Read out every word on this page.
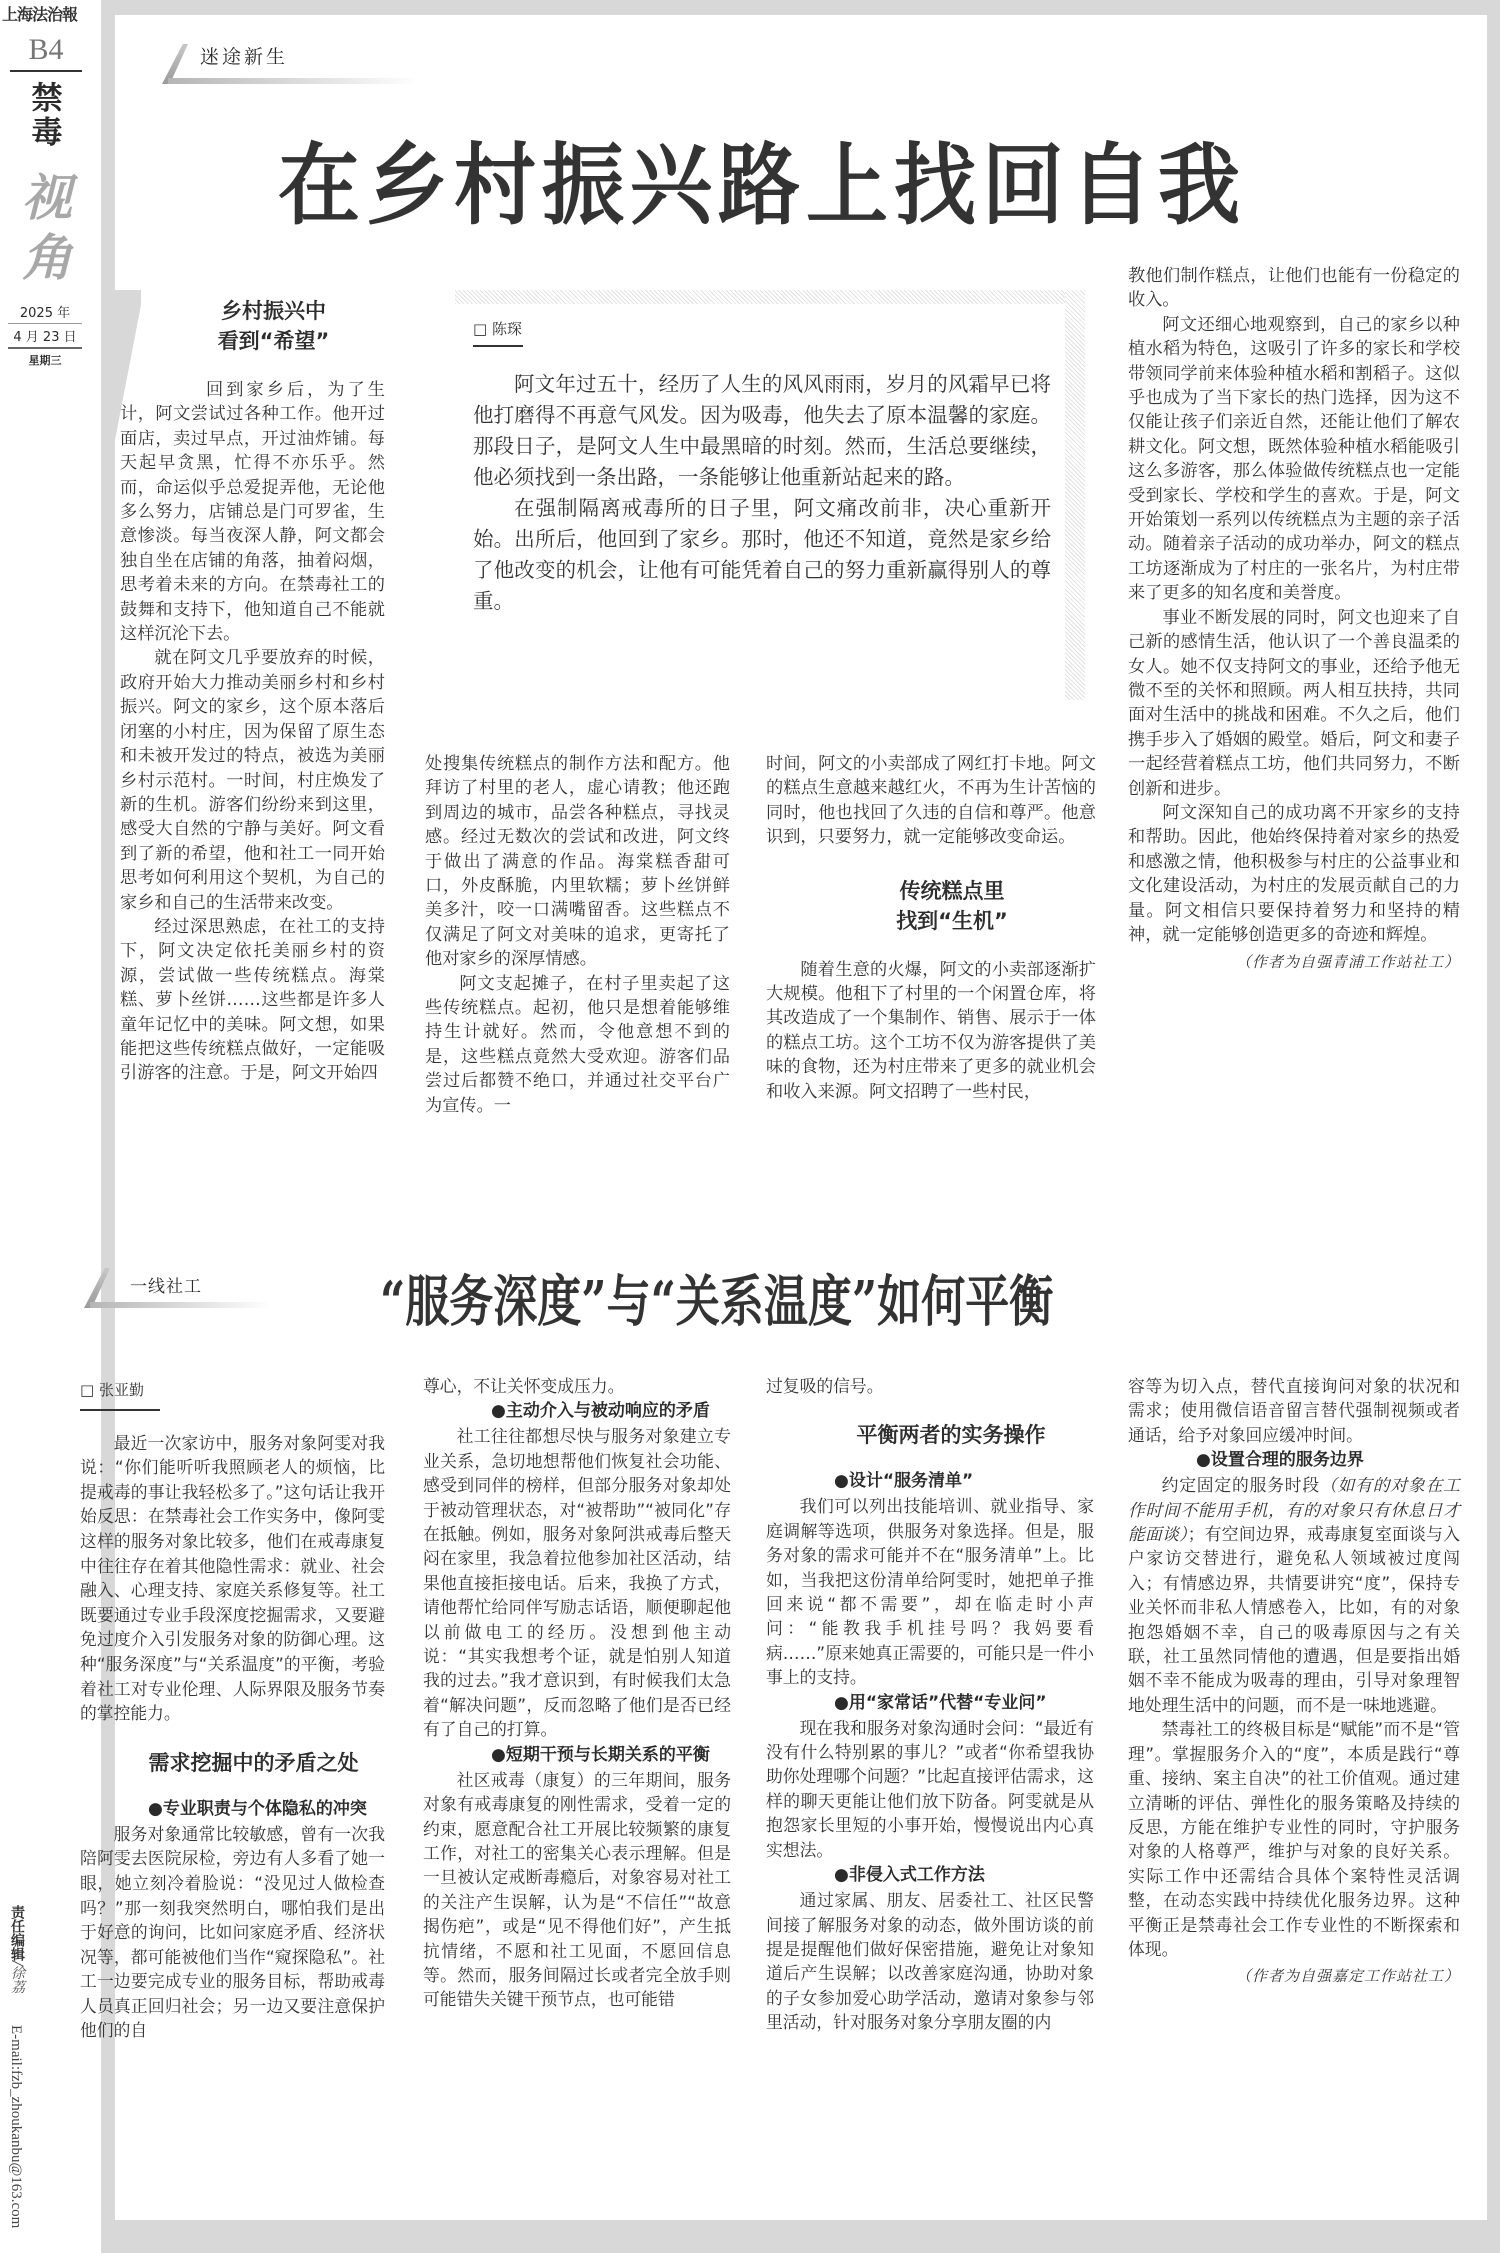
上海法治報
B4
禁毒
视角
2025 年
4 月 23 日
星期三
责任编辑/徐荔
E-mail:fzb_zhoukanbu@163.com
迷途新生
在乡村振兴路上找回自我

乡村振兴中

看到“希望”

回到家乡后，为了生计，阿文尝试过各种工作。他开过面店，卖过早点，开过油炸铺。每天起早贪黑，忙得不亦乐乎。然而，命运似乎总爱捉弄他，无论他多么努力，店铺总是门可罗雀，生意惨淡。每当夜深人静，阿文都会独自坐在店铺的角落，抽着闷烟，思考着未来的方向。在禁毒社工的鼓舞和支持下，他知道自己不能就这样沉沦下去。

就在阿文几乎要放弃的时候，政府开始大力推动美丽乡村和乡村振兴。阿文的家乡，这个原本落后闭塞的小村庄，因为保留了原生态和未被开发过的特点，被选为美丽乡村示范村。一时间，村庄焕发了新的生机。游客们纷纷来到这里，感受大自然的宁静与美好。阿文看到了新的希望，他和社工一同开始思考如何利用这个契机，为自己的家乡和自己的生活带来改变。

经过深思熟虑，在社工的支持下，阿文决定依托美丽乡村的资源，尝试做一些传统糕点。海棠糕、萝卜丝饼……这些都是许多人童年记忆中的美味。阿文想，如果能把这些传统糕点做好，一定能吸引游客的注意。于是，阿文开始四

□ 陈琛

阿文年过五十，经历了人生的风风雨雨，岁月的风霜早已将他打磨得不再意气风发。因为吸毒，他失去了原本温馨的家庭。那段日子，是阿文人生中最黑暗的时刻。然而，生活总要继续，他必须找到一条出路，一条能够让他重新站起来的路。

在强制隔离戒毒所的日子里，阿文痛改前非，决心重新开始。出所后，他回到了家乡。那时，他还不知道，竟然是家乡给了他改变的机会，让他有可能凭着自己的努力重新赢得别人的尊重。

处搜集传统糕点的制作方法和配方。他拜访了村里的老人，虚心请教；他还跑到周边的城市，品尝各种糕点，寻找灵感。经过无数次的尝试和改进，阿文终于做出了满意的作品。海棠糕香甜可口，外皮酥脆，内里软糯；萝卜丝饼鲜美多汁，咬一口满嘴留香。这些糕点不仅满足了阿文对美味的追求，更寄托了他对家乡的深厚情感。

阿文支起摊子，在村子里卖起了这些传统糕点。起初，他只是想着能够维持生计就好。然而，令他意想不到的是，这些糕点竟然大受欢迎。游客们品尝过后都赞不绝口，并通过社交平台广为宣传。一

时间，阿文的小卖部成了网红打卡地。阿文的糕点生意越来越红火，不再为生计苦恼的同时，他也找回了久违的自信和尊严。他意识到，只要努力，就一定能够改变命运。

传统糕点里

找到“生机”

随着生意的火爆，阿文的小卖部逐渐扩大规模。他租下了村里的一个闲置仓库，将其改造成了一个集制作、销售、展示于一体的糕点工坊。这个工坊不仅为游客提供了美味的食物，还为村庄带来了更多的就业机会和收入来源。阿文招聘了一些村民，

教他们制作糕点，让他们也能有一份稳定的收入。

阿文还细心地观察到，自己的家乡以种植水稻为特色，这吸引了许多的家长和学校带领同学前来体验种植水稻和割稻子。这似乎也成为了当下家长的热门选择，因为这不仅能让孩子们亲近自然，还能让他们了解农耕文化。阿文想，既然体验种植水稻能吸引这么多游客，那么体验做传统糕点也一定能受到家长、学校和学生的喜欢。于是，阿文开始策划一系列以传统糕点为主题的亲子活动。随着亲子活动的成功举办，阿文的糕点工坊逐渐成为了村庄的一张名片，为村庄带来了更多的知名度和美誉度。

事业不断发展的同时，阿文也迎来了自己新的感情生活，他认识了一个善良温柔的女人。她不仅支持阿文的事业，还给予他无微不至的关怀和照顾。两人相互扶持，共同面对生活中的挑战和困难。不久之后，他们携手步入了婚姻的殿堂。婚后，阿文和妻子一起经营着糕点工坊，他们共同努力，不断创新和进步。

阿文深知自己的成功离不开家乡的支持和帮助。因此，他始终保持着对家乡的热爱和感激之情，他积极参与村庄的公益事业和文化建设活动，为村庄的发展贡献自己的力量。阿文相信只要保持着努力和坚持的精神，就一定能够创造更多的奇迹和辉煌。

（作者为自强青浦工作站社工）
一线社工	“服务深度”与“关系温度”如何平衡
□ 张亚勤

最近一次家访中，服务对象阿雯对我说：“你们能听听我照顾老人的烦恼，比提戒毒的事让我轻松多了。”这句话让我开始反思：在禁毒社会工作实务中，像阿雯这样的服务对象比较多，他们在戒毒康复中往往存在着其他隐性需求：就业、社会融入、心理支持、家庭关系修复等。社工既要通过专业手段深度挖掘需求，又要避免过度介入引发服务对象的防御心理。这种“服务深度”与“关系温度”的平衡，考验着社工对专业伦理、人际界限及服务节奏的掌控能力。

需求挖掘中的矛盾之处

●专业职责与个体隐私的冲突

服务对象通常比较敏感，曾有一次我陪阿雯去医院尿检，旁边有人多看了她一眼，她立刻冷着脸说：“没见过人做检查吗？”那一刻我突然明白，哪怕我们是出于好意的询问，比如问家庭矛盾、经济状况等，都可能被他们当作“窥探隐私”。社工一边要完成专业的服务目标，帮助戒毒人员真正回归社会；另一边又要注意保护他们的自

尊心，不让关怀变成压力。

●主动介入与被动响应的矛盾

社工往往都想尽快与服务对象建立专业关系，急切地想帮他们恢复社会功能、感受到同伴的榜样，但部分服务对象却处于被动管理状态，对“被帮助”“被同化”存在抵触。例如，服务对象阿洪戒毒后整天闷在家里，我急着拉他参加社区活动，结果他直接拒接电话。后来，我换了方式，请他帮忙给同伴写励志话语，顺便聊起他以前做电工的经历。没想到他主动说：“其实我想考个证，就是怕别人知道我的过去。”我才意识到，有时候我们太急着“解决问题”，反而忽略了他们是否已经有了自己的打算。

●短期干预与长期关系的平衡

社区戒毒（康复）的三年期间，服务对象有戒毒康复的刚性需求，受着一定的约束，愿意配合社工开展比较频繁的康复工作，对社工的密集关心表示理解。但是一旦被认定戒断毒瘾后，对象容易对社工的关注产生误解，认为是“不信任”“故意揭伤疤”，或是“见不得他们好”，产生抵抗情绪，不愿和社工见面，不愿回信息等。然而，服务间隔过长或者完全放手则可能错失关键干预节点，也可能错

过复吸的信号。

平衡两者的实务操作

●设计“服务清单”

我们可以列出技能培训、就业指导、家庭调解等选项，供服务对象选择。但是，服务对象的需求可能并不在“服务清单”上。比如，当我把这份清单给阿雯时，她把单子推回来说“都不需要”，却在临走时小声问：“能教我手机挂号吗？我妈要看病……”原来她真正需要的，可能只是一件小事上的支持。

●用“家常话”代替“专业问”

现在我和服务对象沟通时会问：“最近有没有什么特别累的事儿？”或者“你希望我协助你处理哪个问题？”比起直接评估需求，这样的聊天更能让他们放下防备。阿雯就是从抱怨家长里短的小事开始，慢慢说出内心真实想法。

●非侵入式工作方法

通过家属、朋友、居委社工、社区民警间接了解服务对象的动态，做外围访谈的前提是提醒他们做好保密措施，避免让对象知道后产生误解；以改善家庭沟通，协助对象的子女参加爱心助学活动，邀请对象参与邻里活动，针对服务对象分享朋友圈的内

容等为切入点，替代直接询问对象的状况和需求；使用微信语音留言替代强制视频或者通话，给予对象回应缓冲时间。

●设置合理的服务边界

约定固定的服务时段（如有的对象在工作时间不能用手机，有的对象只有休息日才能面谈）；有空间边界，戒毒康复室面谈与入户家访交替进行，避免私人领域被过度闯入；有情感边界，共情要讲究“度”，保持专业关怀而非私人情感卷入，比如，有的对象抱怨婚姻不幸，自己的吸毒原因与之有关联，社工虽然同情他的遭遇，但是要指出婚姻不幸不能成为吸毒的理由，引导对象理智地处理生活中的问题，而不是一味地逃避。

禁毒社工的终极目标是“赋能”而不是“管理”。掌握服务介入的“度”，本质是践行“尊重、接纳、案主自决”的社工价值观。通过建立清晰的评估、弹性化的服务策略及持续的反思，方能在维护专业性的同时，守护服务对象的人格尊严，维护与对象的良好关系。实际工作中还需结合具体个案特性灵活调整，在动态实践中持续优化服务边界。这种平衡正是禁毒社会工作专业性的不断探索和体现。

（作者为自强嘉定工作站社工）
